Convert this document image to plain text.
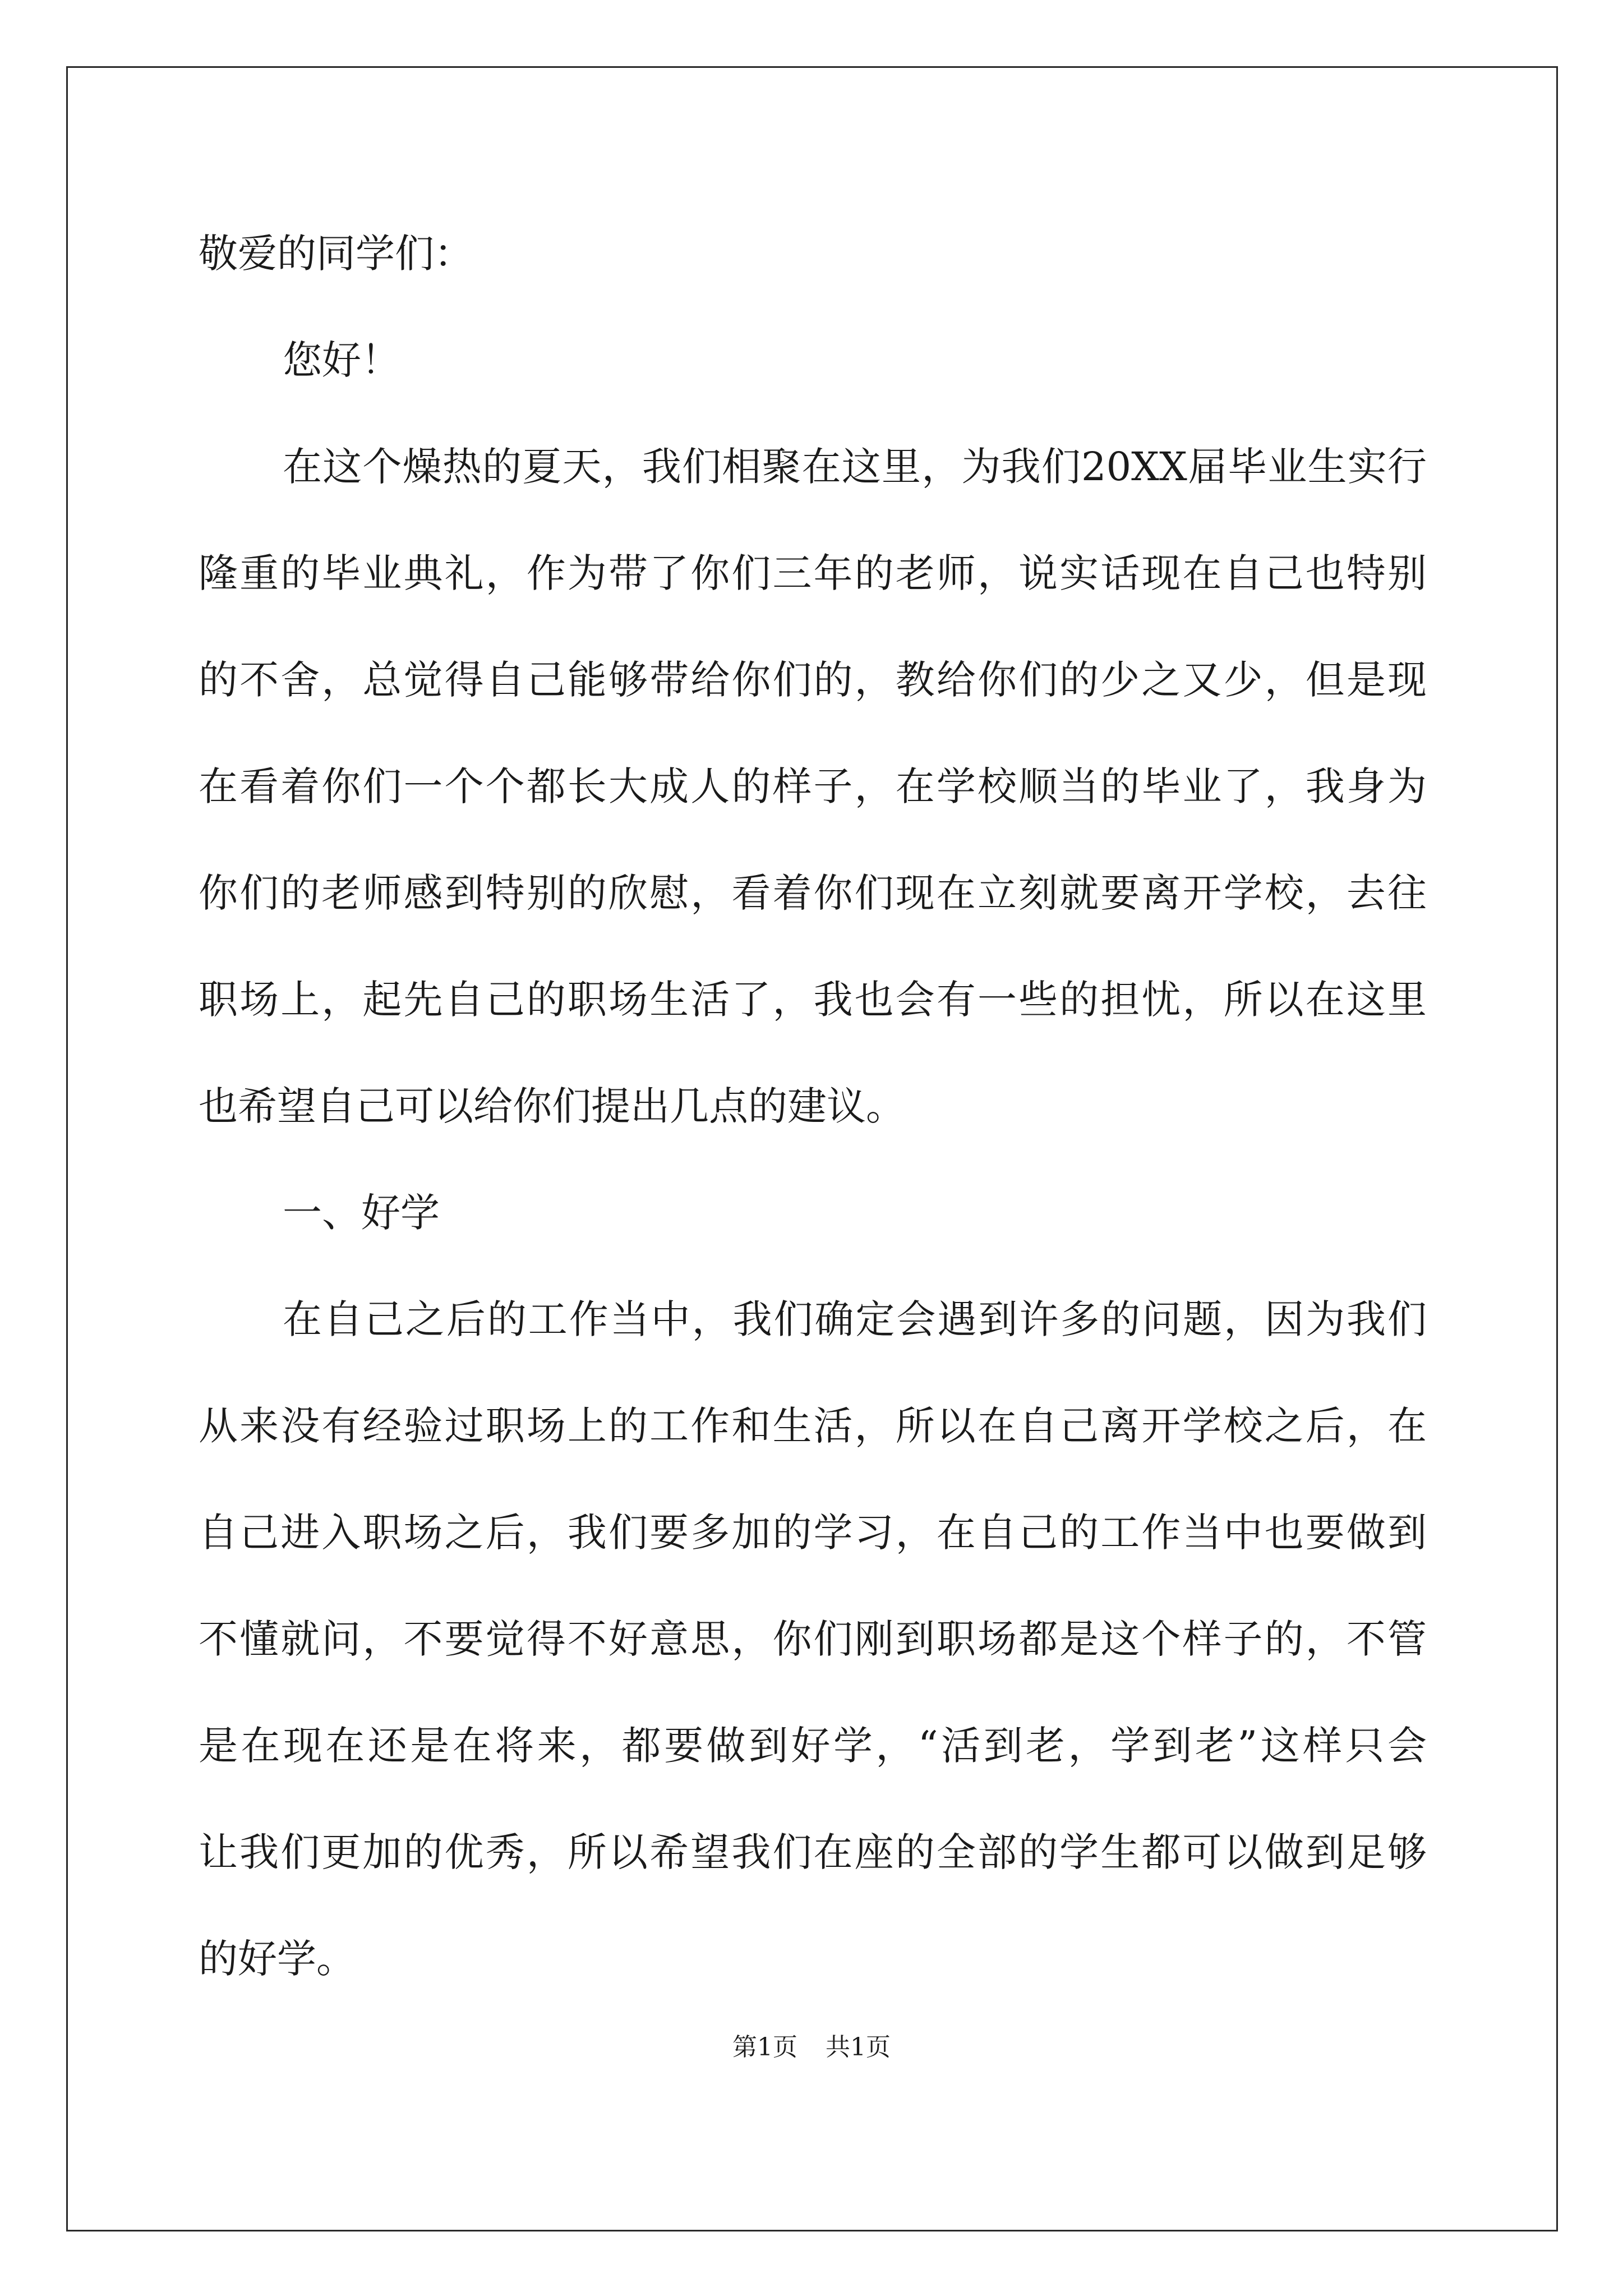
敬爱的同学们：
您好！
在这个燥热的夏天，我们相聚在这里，为我们20XX届毕业生实行
隆重的毕业典礼，作为带了你们三年的老师，说实话现在自己也特别
的不舍，总觉得自己能够带给你们的，教给你们的少之又少，但是现
在看着你们一个个都长大成人的样子，在学校顺当的毕业了，我身为
你们的老师感到特别的欣慰，看着你们现在立刻就要离开学校，去往
职场上，起先自己的职场生活了，我也会有一些的担忧，所以在这里
也希望自己可以给你们提出几点的建议。
一、好学
在自己之后的工作当中，我们确定会遇到许多的问题，因为我们
从来没有经验过职场上的工作和生活，所以在自己离开学校之后，在
自己进入职场之后，我们要多加的学习，在自己的工作当中也要做到
不懂就问，不要觉得不好意思，你们刚到职场都是这个样子的，不管
是在现在还是在将来，都要做到好学，“活到老，学到老”这样只会
让我们更加的优秀，所以希望我们在座的全部的学生都可以做到足够
的好学。
第1页 共1页
